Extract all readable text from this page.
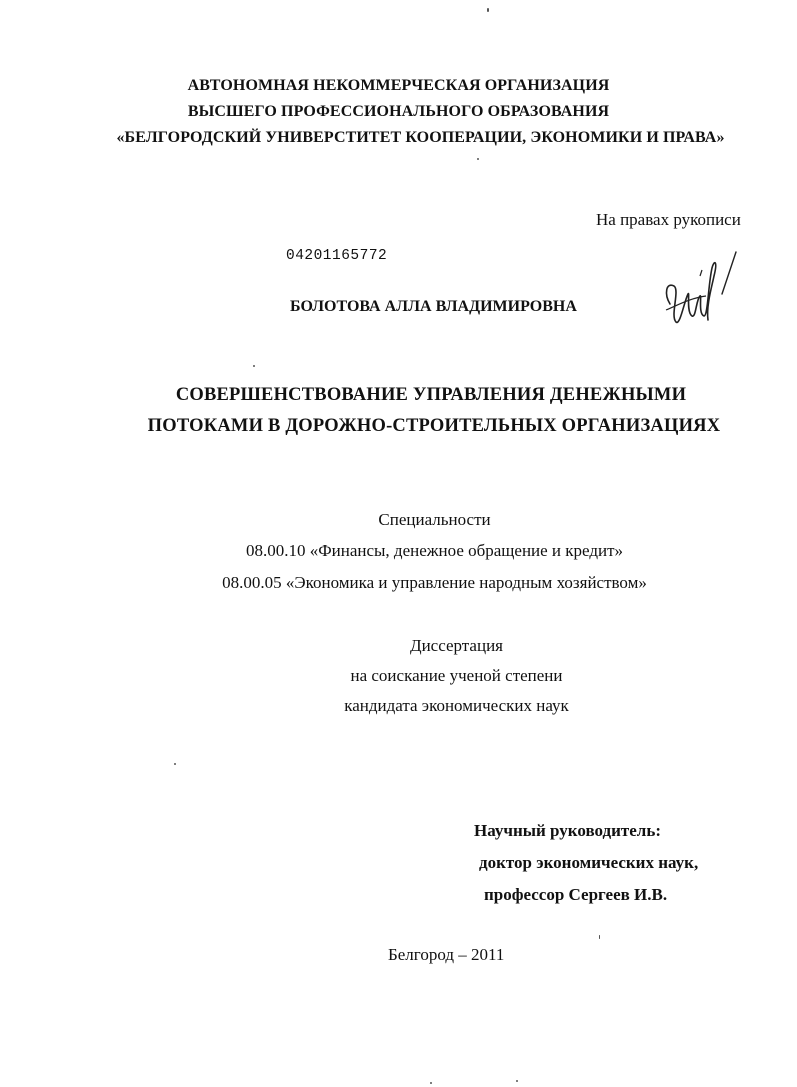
АВТОНОМНАЯ НЕКОММЕРЧЕСКАЯ ОРГАНИЗАЦИЯ
ВЫСШЕГО ПРОФЕССИОНАЛЬНОГО ОБРАЗОВАНИЯ
«БЕЛГОРОДСКИЙ УНИВЕРСТИТЕТ КООПЕРАЦИИ, ЭКОНОМИКИ И ПРАВА»
На правах рукописи
04201165772
БОЛОТОВА АЛЛА ВЛАДИМИРОВНА
СОВЕРШЕНСТВОВАНИЕ УПРАВЛЕНИЯ ДЕНЕЖНЫМИ
ПОТОКАМИ В ДОРОЖНО-СТРОИТЕЛЬНЫХ ОРГАНИЗАЦИЯХ
Специальности
08.00.10 «Финансы, денежное обращение и кредит»
08.00.05 «Экономика и управление народным хозяйством»
Диссертация
на соискание ученой степени
кандидата экономических наук
Научный руководитель:
доктор экономических наук,
профессор Сергеев И.В.
Белгород – 2011
